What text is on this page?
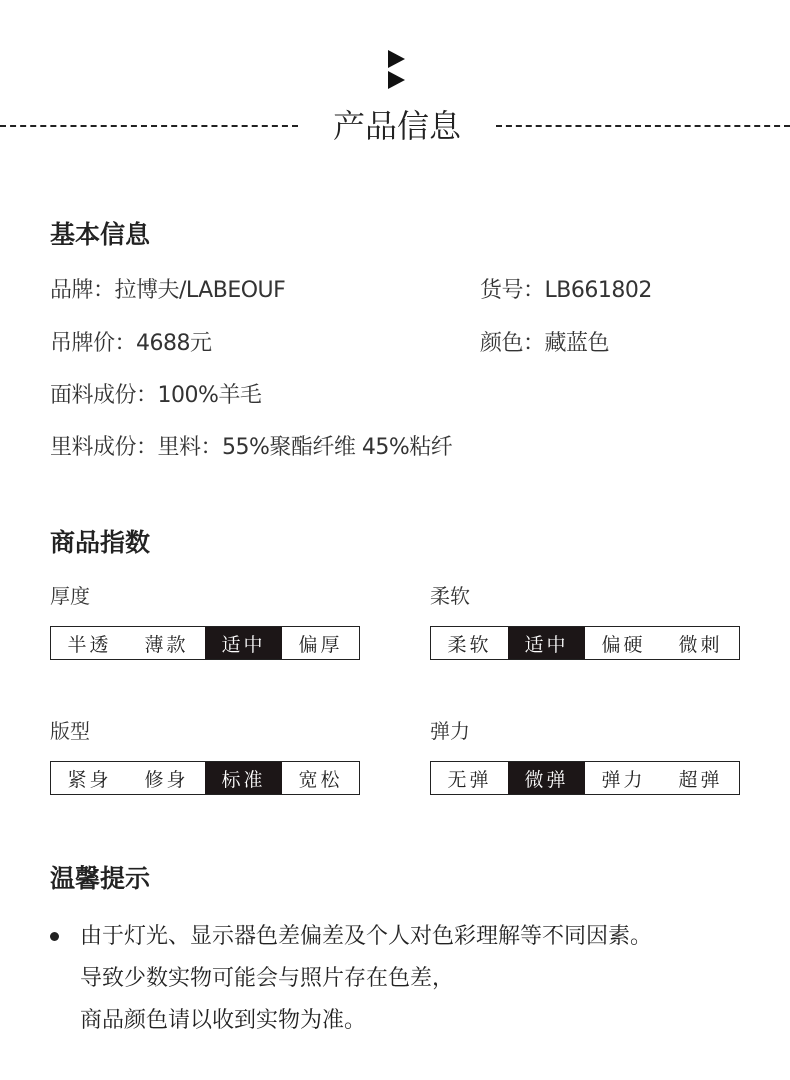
产品信息
基本信息
品牌：拉博夫/LABEOUF	货号：LB661802
吊牌价：4688元	颜色：藏蓝色
面料成份：100%羊毛
里料成份：里料：55%聚酯纤维 45%粘纤
商品指数
厚度
半透	薄款	适中	偏厚
柔软
柔软	适中	偏硬	微刺
版型
紧身	修身	标准	宽松
弹力
无弹	微弹	弹力	超弹
温馨提示
由于灯光、显示器色差偏差及个人对色彩理解等不同因素。
导致少数实物可能会与照片存在色差，
商品颜色请以收到实物为准。
